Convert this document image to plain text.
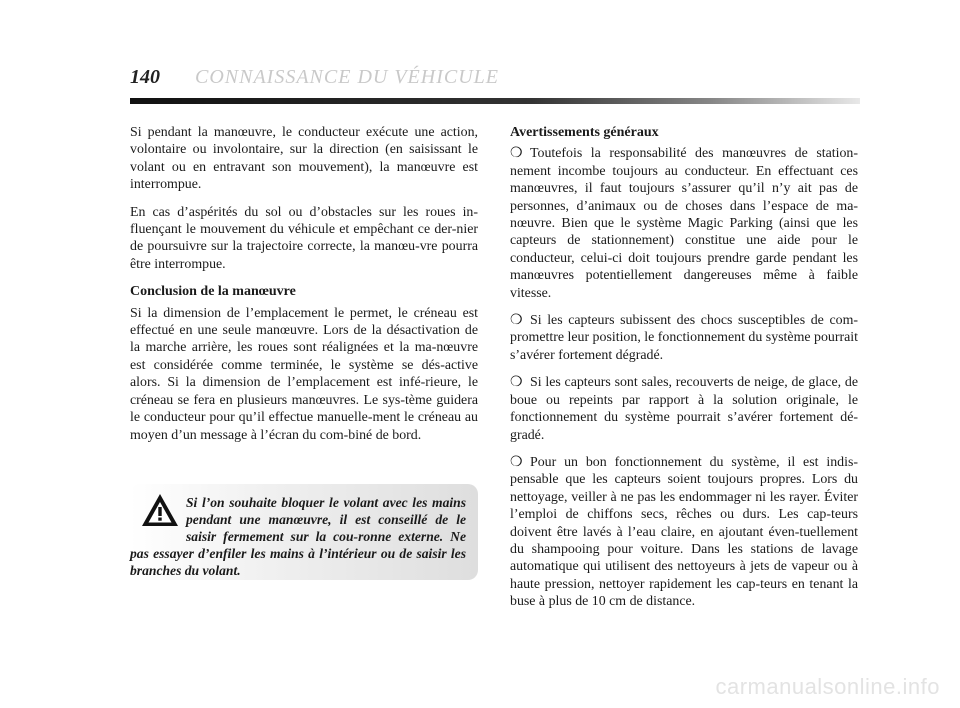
140 CONNAISSANCE DU VÉHICULE

Si pendant la manœuvre, le conducteur exécute une action, volontaire ou involontaire, sur la direction (en saisissant le volant ou en entravant son mouvement), la manœuvre est interrompue.

En cas d’aspérités du sol ou d’obstacles sur les roues in-fluençant le mouvement du véhicule et empêchant ce der-nier de poursuivre sur la trajectoire correcte, la manœu-vre pourra être interrompue.

Conclusion de la manœuvre

Si la dimension de l’emplacement le permet, le créneau est effectué en une seule manœuvre. Lors de la désactivation de la marche arrière, les roues sont réalignées et la ma-nœuvre est considérée comme terminée, le système se dés-active alors. Si la dimension de l’emplacement est infé-rieure, le créneau se fera en plusieurs manœuvres. Le sys-tème guidera le conducteur pour qu’il effectue manuelle-ment le créneau au moyen d’un message à l’écran du com-biné de bord.

Si l’on souhaite bloquer le volant avec les mains pendant une manœuvre, il est conseillé de le saisir fermement sur la cou-ronne externe. Ne pas essayer d’enfiler les mains à l’intérieur ou de saisir les branches du volant.
Avertissements généraux

❍ Toutefois la responsabilité des manœuvres de station-nement incombe toujours au conducteur. En effectuant ces manœuvres, il faut toujours s’assurer qu’il n’y ait pas de personnes, d’animaux ou de choses dans l’espace de ma-nœuvre. Bien que le système Magic Parking (ainsi que les capteurs de stationnement) constitue une aide pour le conducteur, celui-ci doit toujours prendre garde pendant les manœuvres potentiellement dangereuses même à faible vitesse.

❍ Si les capteurs subissent des chocs susceptibles de com-promettre leur position, le fonctionnement du système pourrait s’avérer fortement dégradé.

❍ Si les capteurs sont sales, recouverts de neige, de glace, de boue ou repeints par rapport à la solution originale, le fonctionnement du système pourrait s’avérer fortement dé-gradé.

❍ Pour un bon fonctionnement du système, il est indis-pensable que les capteurs soient toujours propres. Lors du nettoyage, veiller à ne pas les endommager ni les rayer. Éviter l’emploi de chiffons secs, rêches ou durs. Les cap-teurs doivent être lavés à l’eau claire, en ajoutant éven-tuellement du shampooing pour voiture. Dans les stations de lavage automatique qui utilisent des nettoyeurs à jets de vapeur ou à haute pression, nettoyer rapidement les cap-teurs en tenant la buse à plus de 10 cm de distance.

carmanualsonline.info
